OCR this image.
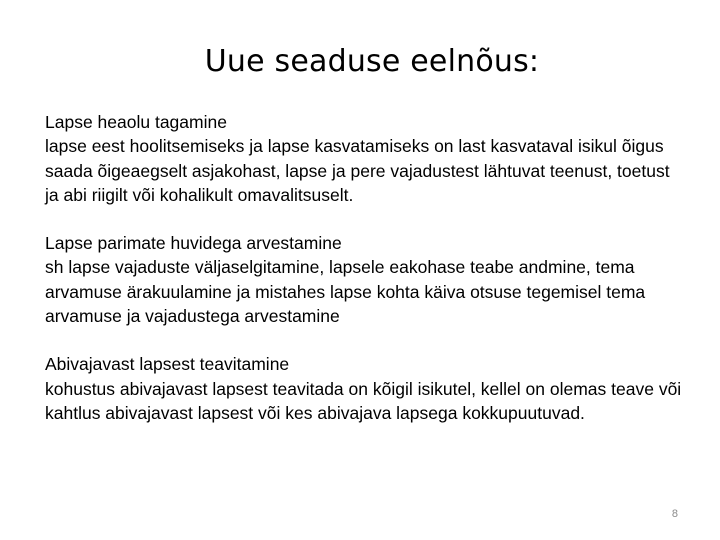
Uue seaduse eelnõus:
Lapse heaolu tagamine
lapse eest hoolitsemiseks ja lapse kasvatamiseks on last kasvataval isikul õigus saada õigeaegselt asjakohast, lapse ja pere vajadustest lähtuvat teenust, toetust ja abi riigilt või kohalikult omavalitsuselt.
Lapse parimate huvidega arvestamine
sh lapse vajaduste väljaselgitamine, lapsele eakohase teabe andmine, tema arvamuse ärakuulamine ja mistahes lapse kohta käiva otsuse tegemisel tema arvamuse ja vajadustega arvestamine
Abivajavast lapsest teavitamine
kohustus abivajavast lapsest teavitada on kõigil isikutel, kellel on olemas teave või kahtlus abivajavast lapsest või kes abivajava lapsega kokkupuutuvad.
8
